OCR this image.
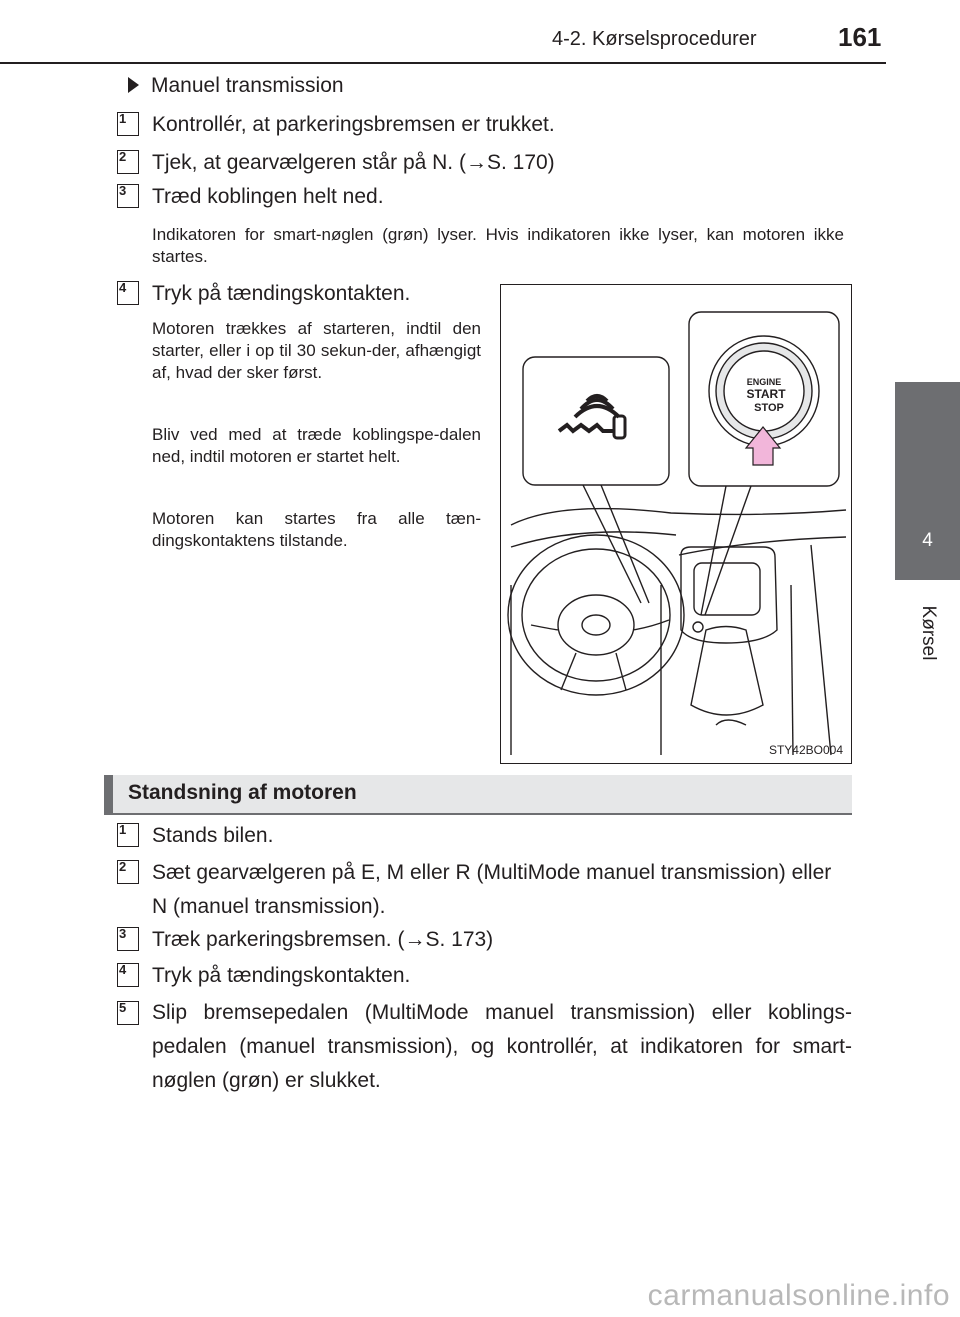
4-2. Kørselsprocedurer	161
4
Kørsel
Manuel transmission
1	Kontrollér, at parkeringsbremsen er trukket.
2	Tjek, at gearvælgeren står på N. (→S. 170)
3	Træd koblingen helt ned.
Indikatoren for smart-nøglen (grøn) lyser. Hvis indikatoren ikke lyser, kan motoren ikke startes.
4	Tryk på tændingskontakten.
Motoren trækkes af starteren, indtil den starter, eller i op til 30 sekun-der, afhængigt af, hvad der sker først.
Bliv ved med at træde koblingspe-dalen ned, indtil motoren er startet helt.
Motoren kan startes fra alle tæn-dingskontaktens tilstande.
ENGINE
START
STOP
STY42BO004
Standsning af motoren
1	Stands bilen.
2	Sæt gearvælgeren på E, M eller R (MultiMode manuel transmission) eller N (manuel transmission).
3	Træk parkeringsbremsen. (→S. 173)
4	Tryk på tændingskontakten.
5	Slip bremsepedalen (MultiMode manuel transmission) eller koblings-pedalen (manuel transmission), og kontrollér, at indikatoren for smart-nøglen (grøn) er slukket.
carmanualsonline.info
